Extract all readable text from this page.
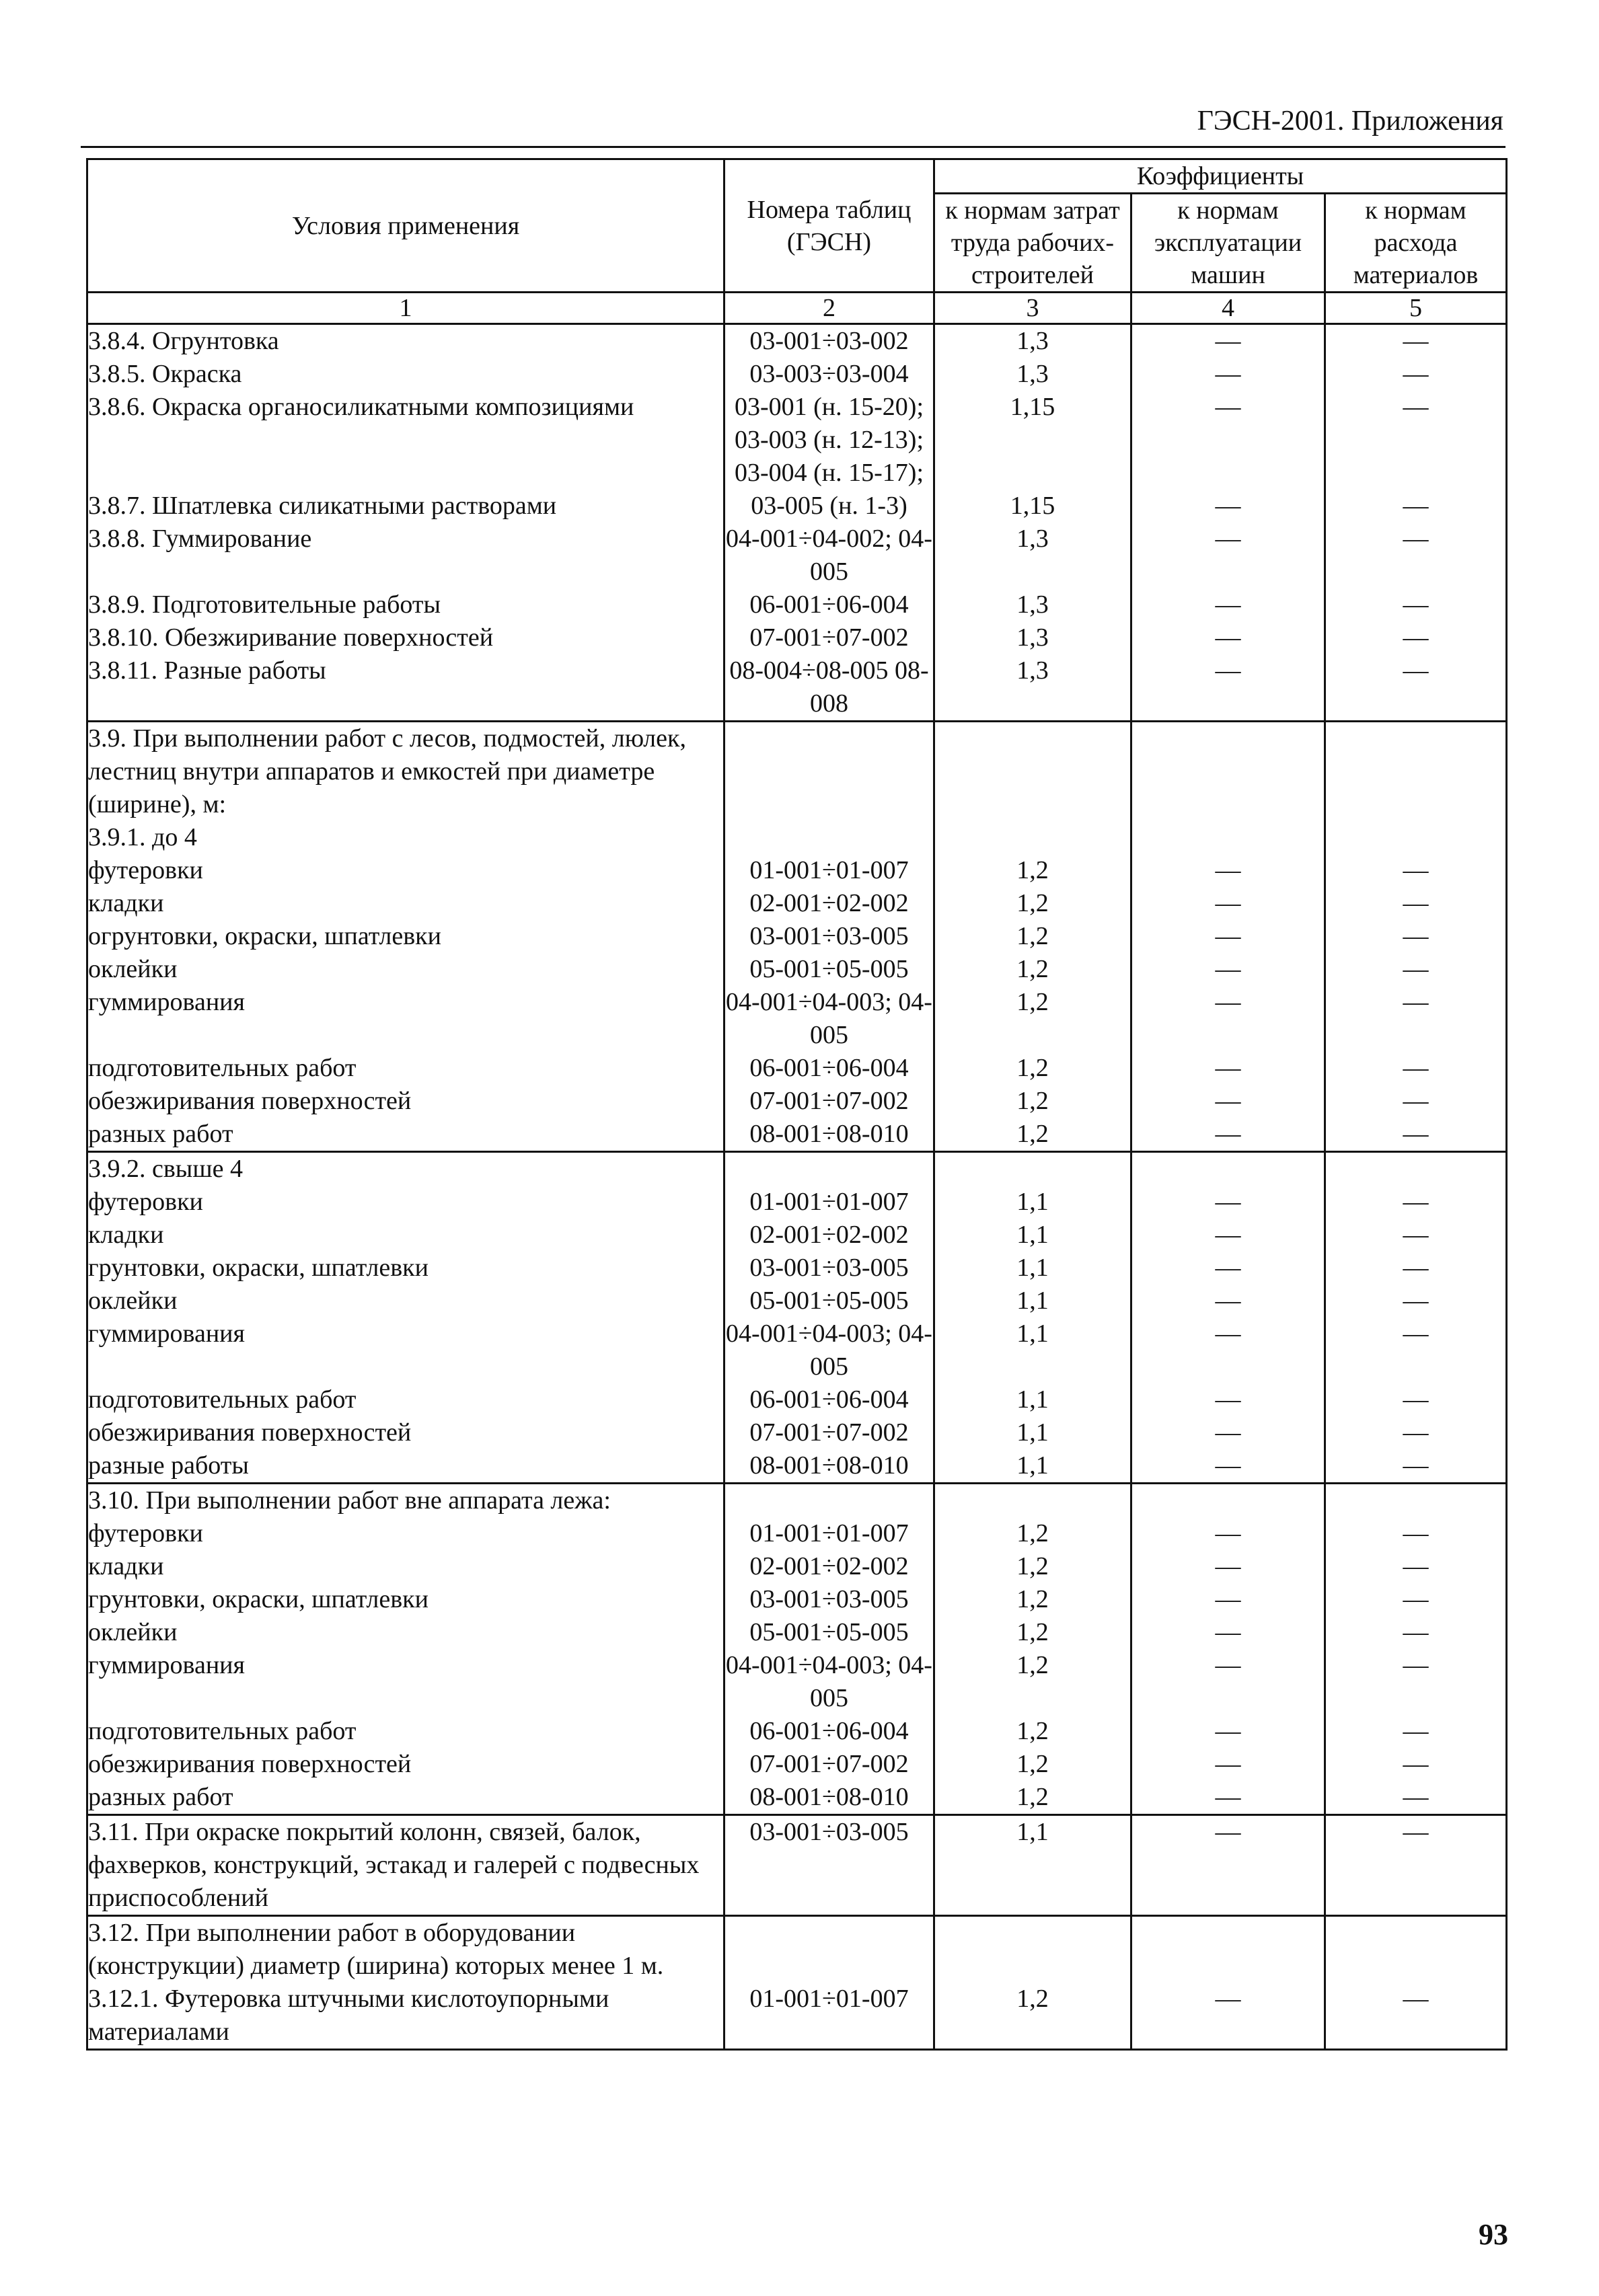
ГЭСН-2001. Приложения
Условия применения	Номера таблиц (ГЭСН)	Коэффициенты		
		к нормам затрат труда рабочих-строителей	к нормам эксплуатации машин	к нормам расхода материалов
1	2	3	4	5
3.8.4. Огрунтовка	03-001÷03-002	1,3	—	—
3.8.5. Окраска	03-003÷03-004	1,3	—	—
3.8.6. Окраска органосиликатными композициями	03-001 (н. 15-20); 03-003 (н. 12-13); 03-004 (н. 15-17);	1,15	—	—
3.8.7. Шпатлевка силикатными растворами	03-005 (н. 1-3)	1,15	—	—
3.8.8. Гуммирование	04-001÷04-002; 04-005	1,3	—	—
3.8.9. Подготовительные работы	06-001÷06-004	1,3	—	—
3.8.10. Обезжиривание поверхностей	07-001÷07-002	1,3	—	—
3.8.11. Разные работы	08-004÷08-005 08-008	1,3	—	—
3.9. При выполнении работ с лесов, подмостей, люлек, лестниц внутри аппаратов и емкостей при диаметре (ширине), м:				
3.9.1. до 4				
футеровки	01-001÷01-007	1,2	—	—
кладки	02-001÷02-002	1,2	—	—
огрунтовки, окраски, шпатлевки	03-001÷03-005	1,2	—	—
оклейки	05-001÷05-005	1,2	—	—
гуммирования	04-001÷04-003; 04-005	1,2	—	—
подготовительных работ	06-001÷06-004	1,2	—	—
обезжиривания поверхностей	07-001÷07-002	1,2	—	—
разных работ	08-001÷08-010	1,2	—	—
3.9.2. свыше 4				
футеровки	01-001÷01-007	1,1	—	—
кладки	02-001÷02-002	1,1	—	—
грунтовки, окраски, шпатлевки	03-001÷03-005	1,1	—	—
оклейки	05-001÷05-005	1,1	—	—
гуммирования	04-001÷04-003; 04-005	1,1	—	—
подготовительных работ	06-001÷06-004	1,1	—	—
обезжиривания поверхностей	07-001÷07-002	1,1	—	—
разные работы	08-001÷08-010	1,1	—	—
3.10. При выполнении работ вне аппарата лежа:				
футеровки	01-001÷01-007	1,2	—	—
кладки	02-001÷02-002	1,2	—	—
грунтовки, окраски, шпатлевки	03-001÷03-005	1,2	—	—
оклейки	05-001÷05-005	1,2	—	—
гуммирования	04-001÷04-003; 04-005	1,2	—	—
подготовительных работ	06-001÷06-004	1,2	—	—
обезжиривания поверхностей	07-001÷07-002	1,2	—	—
разных работ	08-001÷08-010	1,2	—	—
3.11. При окраске покрытий колонн, связей, балок, фахверков, конструкций, эстакад и галерей с подвесных приспособлений	03-001÷03-005	1,1	—	—
3.12. При выполнении работ в оборудовании (конструкции) диаметр (ширина) которых менее 1 м.				
3.12.1. Футеровка штучными кислотоупорными материалами	01-001÷01-007	1,2	—	—
93
